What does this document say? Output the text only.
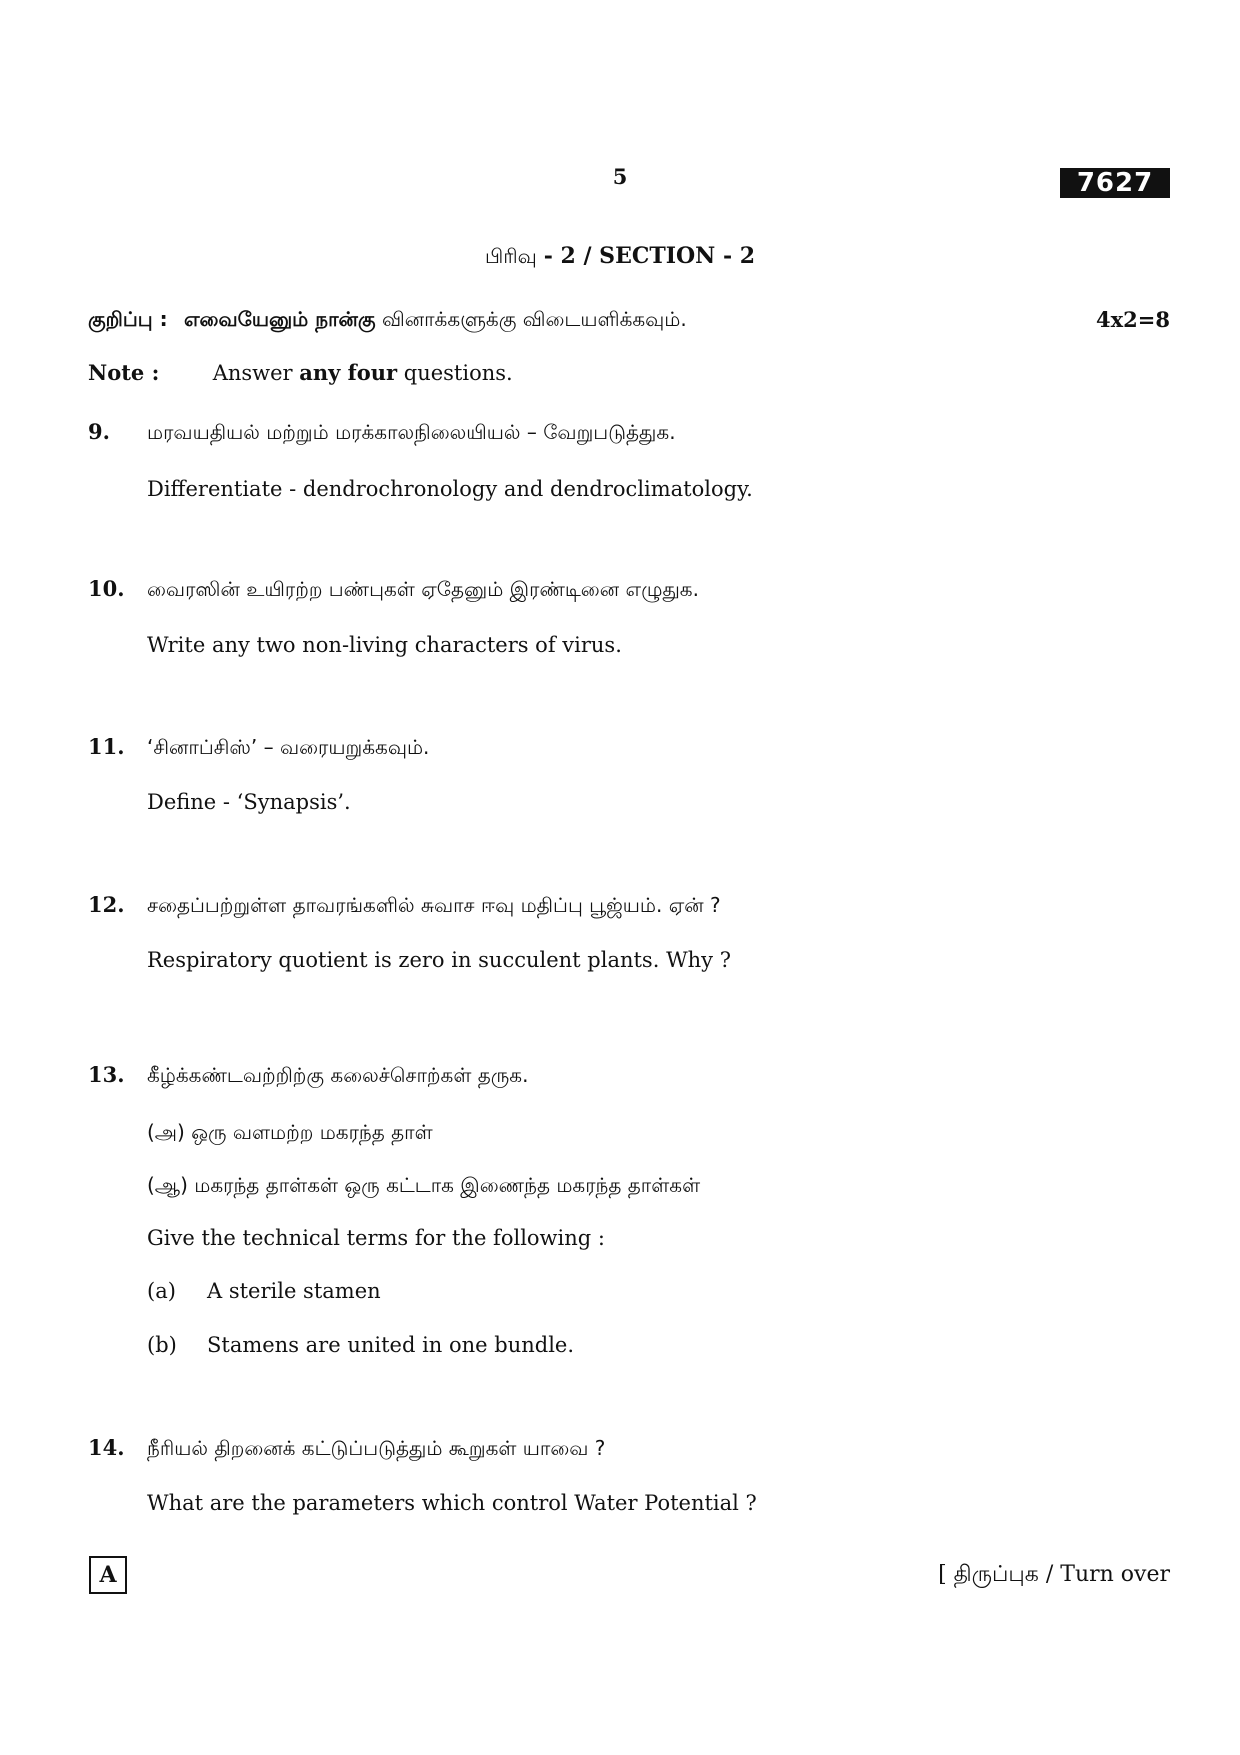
5	7627
பிரிவு - 2 / SECTION - 2
குறிப்பு : எவையேனும் நான்கு வினாக்களுக்கு விடையளிக்கவும்.	4x2=8
Note :	Answer any four questions.
9. மரவயதியல் மற்றும் மரக்காலநிலையியல் – வேறுபடுத்துக.
Differentiate - dendrochronology and dendroclimatology.
10. வைரஸின் உயிரற்ற பண்புகள் ஏதேனும் இரண்டினை எழுதுக.
Write any two non-living characters of virus.
11. ‘சினாப்சிஸ்’ – வரையறுக்கவும்.
Define - ‘Synapsis’.
12. சதைப்பற்றுள்ள தாவரங்களில் சுவாச ஈவு மதிப்பு பூஜ்யம். ஏன் ?
Respiratory quotient is zero in succulent plants. Why ?
13. கீழ்க்கண்டவற்றிற்கு கலைச்சொற்கள் தருக.
(அ) ஒரு வளமற்ற மகரந்த தாள்
(ஆ) மகரந்த தாள்கள் ஒரு கட்டாக இணைந்த மகரந்த தாள்கள்
Give the technical terms for the following :
(a) A sterile stamen
(b) Stamens are united in one bundle.
14. நீரியல் திறனைக் கட்டுப்படுத்தும் கூறுகள் யாவை ?
What are the parameters which control Water Potential ?
A	[ திருப்புக / Turn over
